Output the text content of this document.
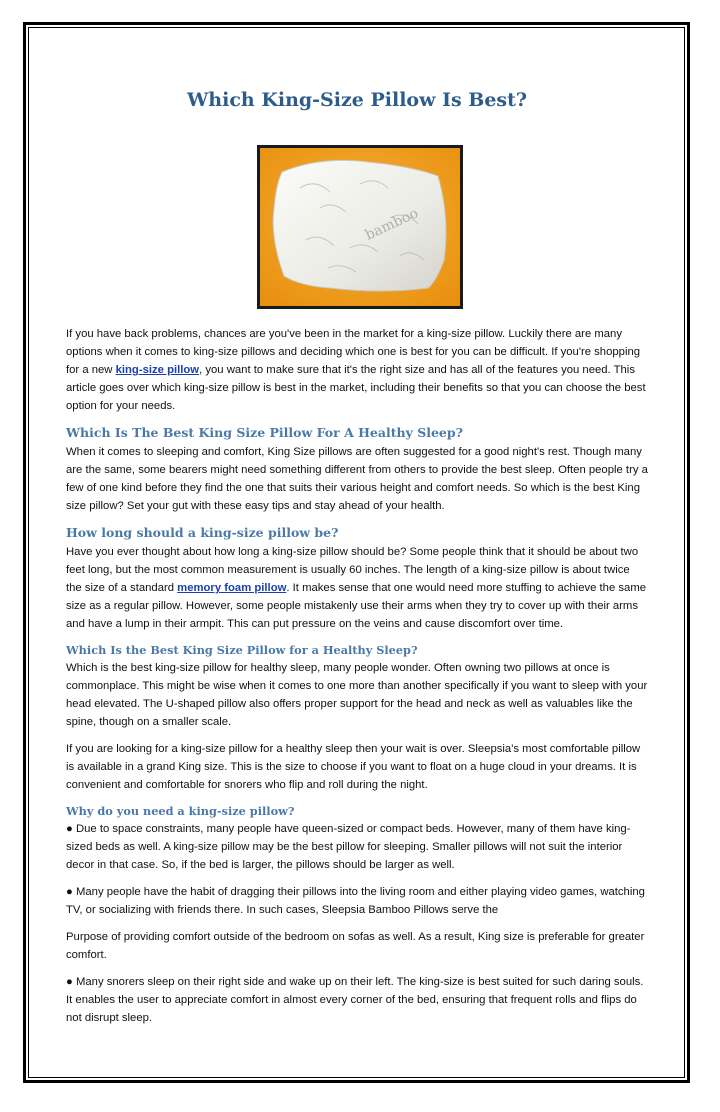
Which King-Size Pillow Is Best?
bamboo

If you have back problems, chances are you've been in the market for a king-size pillow. Luckily there are many options when it comes to king-size pillows and deciding which one is best for you can be difficult. If you're shopping for a new king-size pillow, you want to make sure that it's the right size and has all of the features you need. This article goes over which king-size pillow is best in the market, including their benefits so that you can choose the best option for your needs.

Which Is The Best King Size Pillow For A Healthy Sleep?

When it comes to sleeping and comfort, King Size pillows are often suggested for a good night's rest. Though many are the same, some bearers might need something different from others to provide the best sleep. Often people try a few of one kind before they find the one that suits their various height and comfort needs. So which is the best King size pillow? Set your gut with these easy tips and stay ahead of your health.

How long should a king-size pillow be?

Have you ever thought about how long a king-size pillow should be? Some people think that it should be about two feet long, but the most common measurement is usually 60 inches. The length of a king-size pillow is about twice the size of a standard memory foam pillow. It makes sense that one would need more stuffing to achieve the same size as a regular pillow. However, some people mistakenly use their arms when they try to cover up with their arms and have a lump in their armpit. This can put pressure on the veins and cause discomfort over time.

Which Is the Best King Size Pillow for a Healthy Sleep?

Which is the best king-size pillow for healthy sleep, many people wonder. Often owning two pillows at once is commonplace. This might be wise when it comes to one more than another specifically if you want to sleep with your head elevated. The U-shaped pillow also offers proper support for the head and neck as well as valuables like the spine, though on a smaller scale.

If you are looking for a king-size pillow for a healthy sleep then your wait is over. Sleepsia's most comfortable pillow is available in a grand King size. This is the size to choose if you want to float on a huge cloud in your dreams. It is convenient and comfortable for snorers who flip and roll during the night.

Why do you need a king-size pillow?

● Due to space constraints, many people have queen-sized or compact beds. However, many of them have king-sized beds as well. A king-size pillow may be the best pillow for sleeping. Smaller pillows will not suit the interior decor in that case. So, if the bed is larger, the pillows should be larger as well.

● Many people have the habit of dragging their pillows into the living room and either playing video games, watching TV, or socializing with friends there. In such cases, Sleepsia Bamboo Pillows serve the

Purpose of providing comfort outside of the bedroom on sofas as well. As a result, King size is preferable for greater comfort.

● Many snorers sleep on their right side and wake up on their left. The king-size is best suited for such daring souls. It enables the user to appreciate comfort in almost every corner of the bed, ensuring that frequent rolls and flips do not disrupt sleep.
